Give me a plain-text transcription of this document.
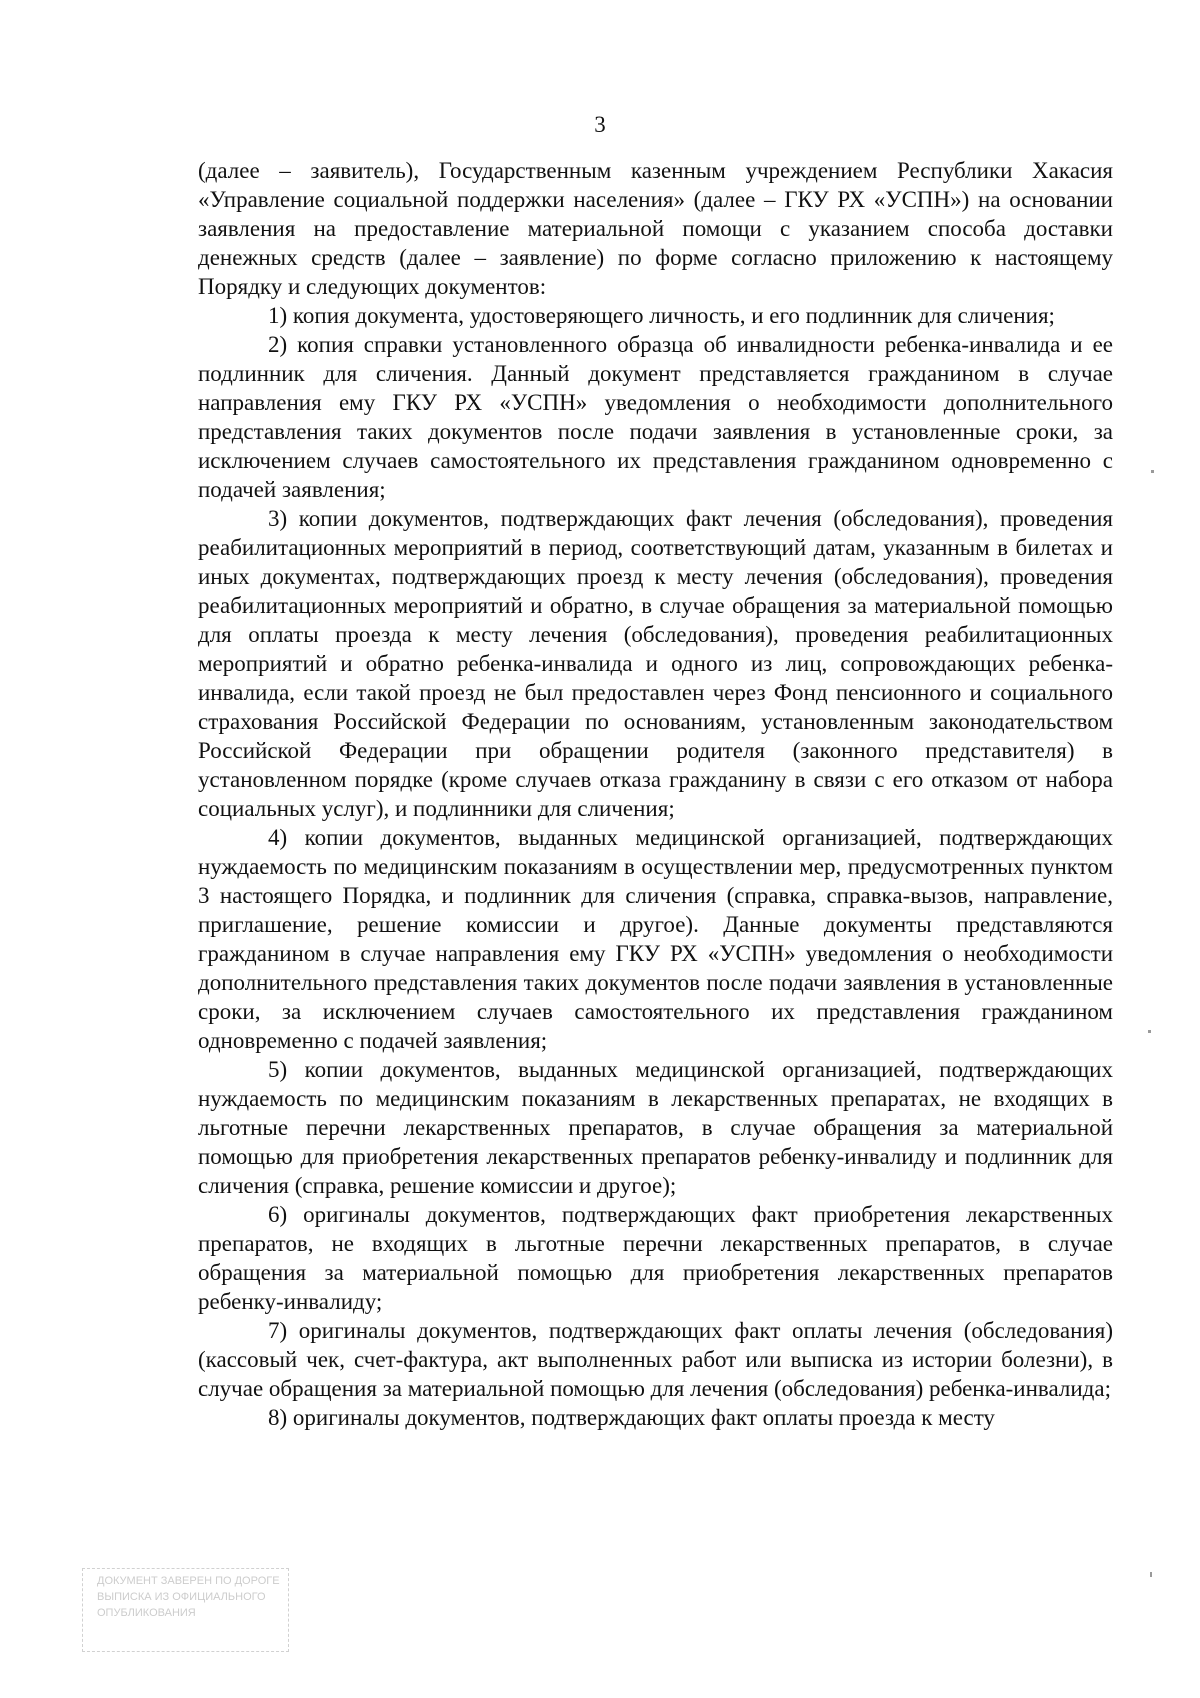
3

(далее – заявитель), Государственным казенным учреждением Республики Хакасия «Управление социальной поддержки населения» (далее – ГКУ РХ «УСПН») на основании заявления на предоставление материальной помощи с указанием способа доставки денежных средств (далее – заявление) по форме согласно приложению к настоящему Порядку и следующих документов:

1) копия документа, удостоверяющего личность, и его подлинник для сличения;

2) копия справки установленного образца об инвалидности ребенка-инвалида и ее подлинник для сличения. Данный документ представляется гражданином в случае направления ему ГКУ РХ «УСПН» уведомления о необходимости дополнительного представления таких документов после подачи заявления в установленные сроки, за исключением случаев самостоятельного их представления гражданином одновременно с подачей заявления;

3) копии документов, подтверждающих факт лечения (обследования), проведения реабилитационных мероприятий в период, соответствующий датам, указанным в билетах и иных документах, подтверждающих проезд к месту лечения (обследования), проведения реабилитационных мероприятий и обратно, в случае обращения за материальной помощью для оплаты проезда к месту лечения (обследования), проведения реабилитационных мероприятий и обратно ребенка-инвалида и одного из лиц, сопровождающих ребенка-инвалида, если такой проезд не был предоставлен через Фонд пенсионного и социального страхования Российской Федерации по основаниям, установленным законодательством Российской Федерации при обращении родителя (законного представителя) в установленном порядке (кроме случаев отказа гражданину в связи с его отказом от набора социальных услуг), и подлинники для сличения;

4) копии документов, выданных медицинской организацией, подтверждающих нуждаемость по медицинским показаниям в осуществлении мер, предусмотренных пунктом 3 настоящего Порядка, и подлинник для сличения (справка, справка-вызов, направление, приглашение, решение комиссии и другое). Данные документы представляются гражданином в случае направления ему ГКУ РХ «УСПН» уведомления о необходимости дополнительного представления таких документов после подачи заявления в установленные сроки, за исключением случаев самостоятельного их представления гражданином одновременно с подачей заявления;

5) копии документов, выданных медицинской организацией, подтверждающих нуждаемость по медицинским показаниям в лекарственных препаратах, не входящих в льготные перечни лекарственных препаратов, в случае обращения за материальной помощью для приобретения лекарственных препаратов ребенку-инвалиду и подлинник для сличения (справка, решение комиссии и другое);

6) оригиналы документов, подтверждающих факт приобретения лекарственных препаратов, не входящих в льготные перечни лекарственных препаратов, в случае обращения за материальной помощью для приобретения лекарственных препаратов ребенку-инвалиду;

7) оригиналы документов, подтверждающих факт оплаты лечения (обследования) (кассовый чек, счет-фактура, акт выполненных работ или выписка из истории болезни), в случае обращения за материальной помощью для лечения (обследования) ребенка-инвалида;

8) оригиналы документов, подтверждающих факт оплаты проезда к месту

ДОКУМЕНТ ЗАВЕРЕН ПО ДОРОГЕ
ВЫПИСКА ИЗ ОФИЦИАЛЬНОГО
ОПУБЛИКОВАНИЯ
